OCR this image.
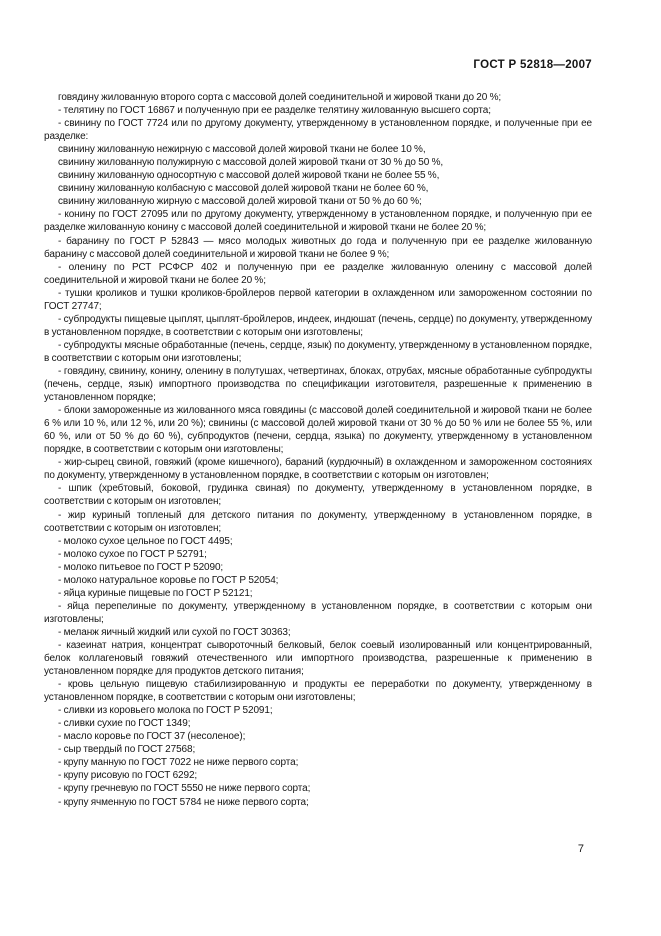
ГОСТ Р 52818—2007

говядину жилованную второго сорта с массовой долей соединительной и жировой ткани до 20 %;

- телятину по ГОСТ 16867 и полученную при ее разделке телятину жилованную высшего сорта;

- свинину по ГОСТ 7724 или по другому документу, утвержденному в установленном порядке, и полученные при ее разделке:

свинину жилованную нежирную с массовой долей жировой ткани не более 10 %,

свинину жилованную полужирную с массовой долей жировой ткани от 30 % до 50 %,

свинину жилованную односортную с массовой долей жировой ткани не более 55 %,

свинину жилованную колбасную с массовой долей жировой ткани не более 60 %,

свинину жилованную жирную с массовой долей жировой ткани от 50 % до 60 %;

- конину по ГОСТ 27095 или по другому документу, утвержденному в установленном порядке, и полученную при ее разделке жилованную конину с массовой долей соединительной и жировой ткани не более 20 %;

- баранину по ГОСТ Р 52843 — мясо молодых животных до года и полученную при ее разделке жилованную баранину с массовой долей соединительной и жировой ткани не более 9 %;

- оленину по РСТ РСФСР 402 и полученную при ее разделке жилованную оленину с массовой долей соединительной и жировой ткани не более 20 %;

- тушки кроликов и тушки кроликов-бройлеров первой категории в охлажденном или замороженном состоянии по ГОСТ 27747;

- субпродукты пищевые цыплят, цыплят-бройлеров, индеек, индюшат (печень, сердце) по документу, утвержденному в установленном порядке, в соответствии с которым они изготовлены;

- субпродукты мясные обработанные (печень, сердце, язык) по документу, утвержденному в установленном порядке, в соответствии с которым они изготовлены;

- говядину, свинину, конину, оленину в полутушах, четвертинах, блоках, отрубах, мясные обработанные субпродукты (печень, сердце, язык) импортного производства по спецификации изготовителя, разрешенные к применению в установленном порядке;

- блоки замороженные из жилованного мяса говядины (с массовой долей соединительной и жировой ткани не более 6 % или 10 %, или 12 %, или 20 %); свинины (с массовой долей жировой ткани от 30 % до 50 % или не более 55 %, или 60 %, или от 50 % до 60 %), субпродуктов (печени, сердца, языка) по документу, утвержденному в установленном порядке, в соответствии с которым они изготовлены;

- жир-сырец свиной, говяжий (кроме кишечного), бараний (курдючный) в охлажденном и замороженном состояниях по документу, утвержденному в установленном порядке, в соответствии с которым он изготовлен;

- шпик (хребтовый, боковой, грудинка свиная) по документу, утвержденному в установленном порядке, в соответствии с которым он изготовлен;

- жир куриный топленый для детского питания по документу, утвержденному в установленном порядке, в соответствии с которым он изготовлен;

- молоко сухое цельное по ГОСТ 4495;

- молоко сухое по ГОСТ Р 52791;

- молоко питьевое по ГОСТ Р 52090;

- молоко натуральное коровье по ГОСТ Р 52054;

- яйца куриные пищевые по ГОСТ Р 52121;

- яйца перепелиные по документу, утвержденному в установленном порядке, в соответствии с которым они изготовлены;

- меланж яичный жидкий или сухой по ГОСТ 30363;

- казеинат натрия, концентрат сывороточный белковый, белок соевый изолированный или концентрированный, белок коллагеновый говяжий отечественного или импортного производства, разрешенные к применению в установленном порядке для продуктов детского питания;

- кровь цельную пищевую стабилизированную и продукты ее переработки по документу, утвержденному в установленном порядке, в соответствии с которым они изготовлены;

- сливки из коровьего молока по ГОСТ Р 52091;

- сливки сухие по ГОСТ 1349;

- масло коровье по ГОСТ 37 (несоленое);

- сыр твердый по ГОСТ 27568;

- крупу манную по ГОСТ 7022 не ниже первого сорта;

- крупу рисовую по ГОСТ 6292;

- крупу гречневую по ГОСТ 5550 не ниже первого сорта;

- крупу ячменную по ГОСТ 5784 не ниже первого сорта;

7
